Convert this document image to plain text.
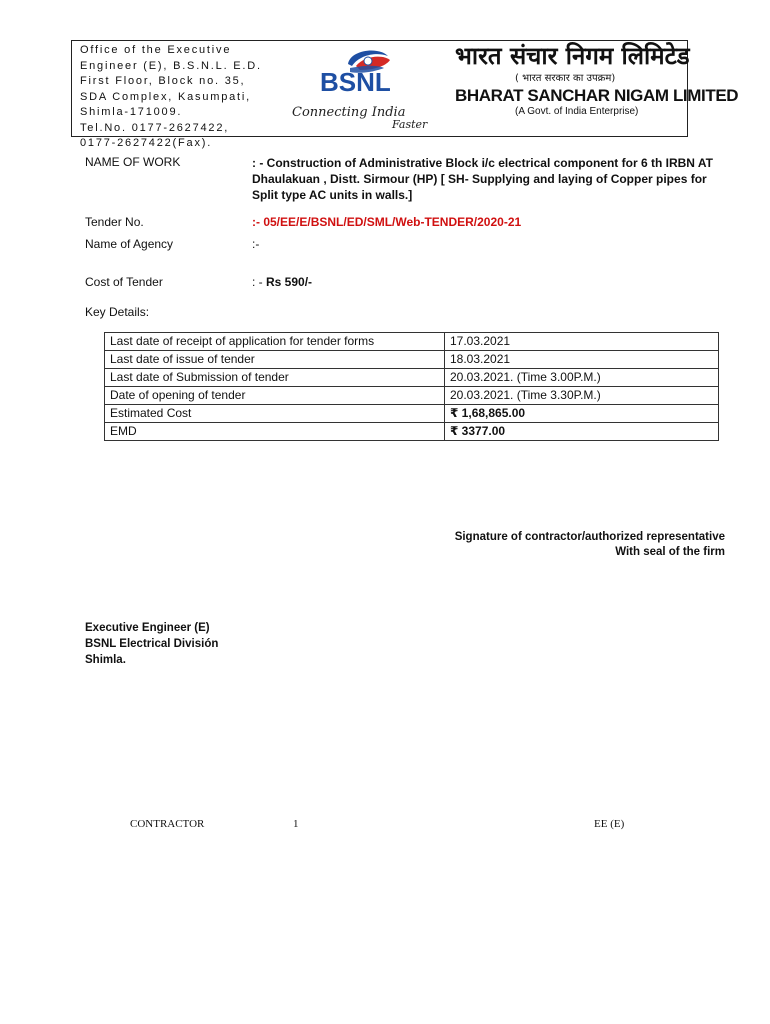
Office of the Executive
Engineer (E), B.S.N.L. E.D.
First Floor, Block no. 35,
SDA Complex, Kasumpati,
Shimla-171009.
Tel.No. 0177-2627422,
0177-2627422(Fax).
BSNL
Connecting India
Faster
भारत संचार निगम लिमिटेड
( भारत सरकार का उपक्रम)
BHARAT SANCHAR NIGAM LIMITED
(A Govt. of India Enterprise)
NAME OF WORK	: - Construction of Administrative Block i/c electrical component for 6 th IRBN AT Dhaulakuan , Distt. Sirmour (HP) [ SH- Supplying and laying of Copper pipes for Split type AC units in walls.]
Tender No.	:- 05/EE/E/BSNL/ED/SML/Web-TENDER/2020-21
Name of Agency	:-
Cost of Tender	: - Rs 590/-
Key Details:
Last date of receipt of application for tender forms	17.03.2021
Last date of issue of tender	18.03.2021
Last date of Submission of tender	20.03.2021. (Time 3.00P.M.)
Date of opening of tender	20.03.2021. (Time 3.30P.M.)
Estimated Cost	₹ 1,68,865.00
EMD	₹ 3377.00
Signature of contractor/authorized representative
With seal of the firm
Executive Engineer (E)
BSNL Electrical División
Shimla.
CONTRACTOR	1	EE (E)
